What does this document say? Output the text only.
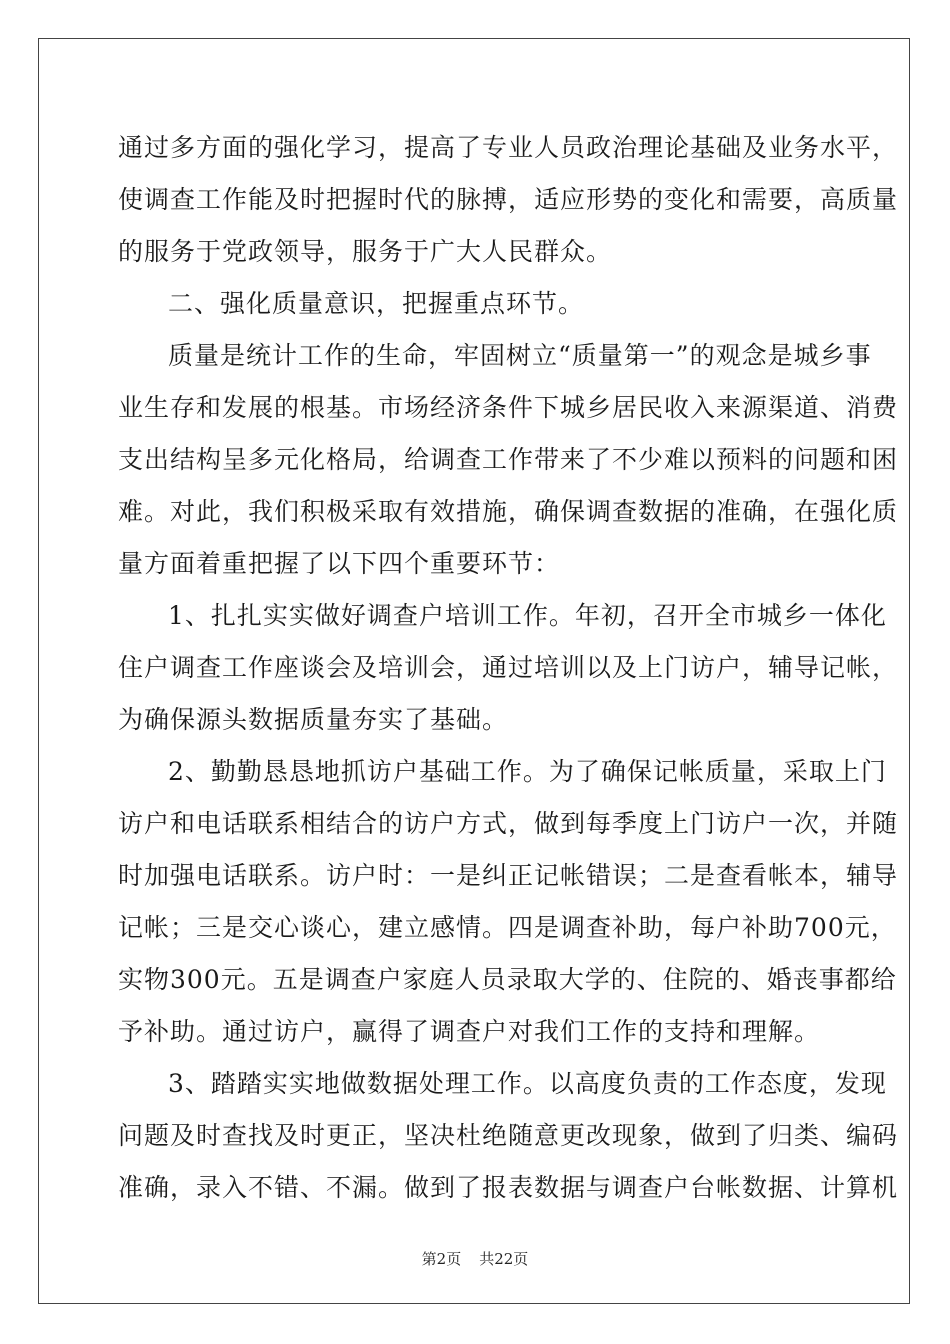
通过多方面的强化学习，提高了专业人员政治理论基础及业务水平，
使调查工作能及时把握时代的脉搏，适应形势的变化和需要，高质量
的服务于党政领导，服务于广大人民群众。
二、强化质量意识，把握重点环节。
质量是统计工作的生命，牢固树立“质量第一”的观念是城乡事
业生存和发展的根基。市场经济条件下城乡居民收入来源渠道、消费
支出结构呈多元化格局，给调查工作带来了不少难以预料的问题和困
难。对此，我们积极采取有效措施，确保调查数据的准确，在强化质
量方面着重把握了以下四个重要环节：
1、扎扎实实做好调查户培训工作。年初，召开全市城乡一体化
住户调查工作座谈会及培训会，通过培训以及上门访户，辅导记帐，
为确保源头数据质量夯实了基础。
2、勤勤恳恳地抓访户基础工作。为了确保记帐质量，采取上门
访户和电话联系相结合的访户方式，做到每季度上门访户一次，并随
时加强电话联系。访户时：一是纠正记帐错误；二是查看帐本，辅导
记帐；三是交心谈心，建立感情。四是调查补助，每户补助700元，
实物300元。五是调查户家庭人员录取大学的、住院的、婚丧事都给
予补助。通过访户，赢得了调查户对我们工作的支持和理解。
3、踏踏实实地做数据处理工作。以高度负责的工作态度，发现
问题及时查找及时更正，坚决杜绝随意更改现象，做到了归类、编码
准确，录入不错、不漏。做到了报表数据与调查户台帐数据、计算机
第2页 共22页
